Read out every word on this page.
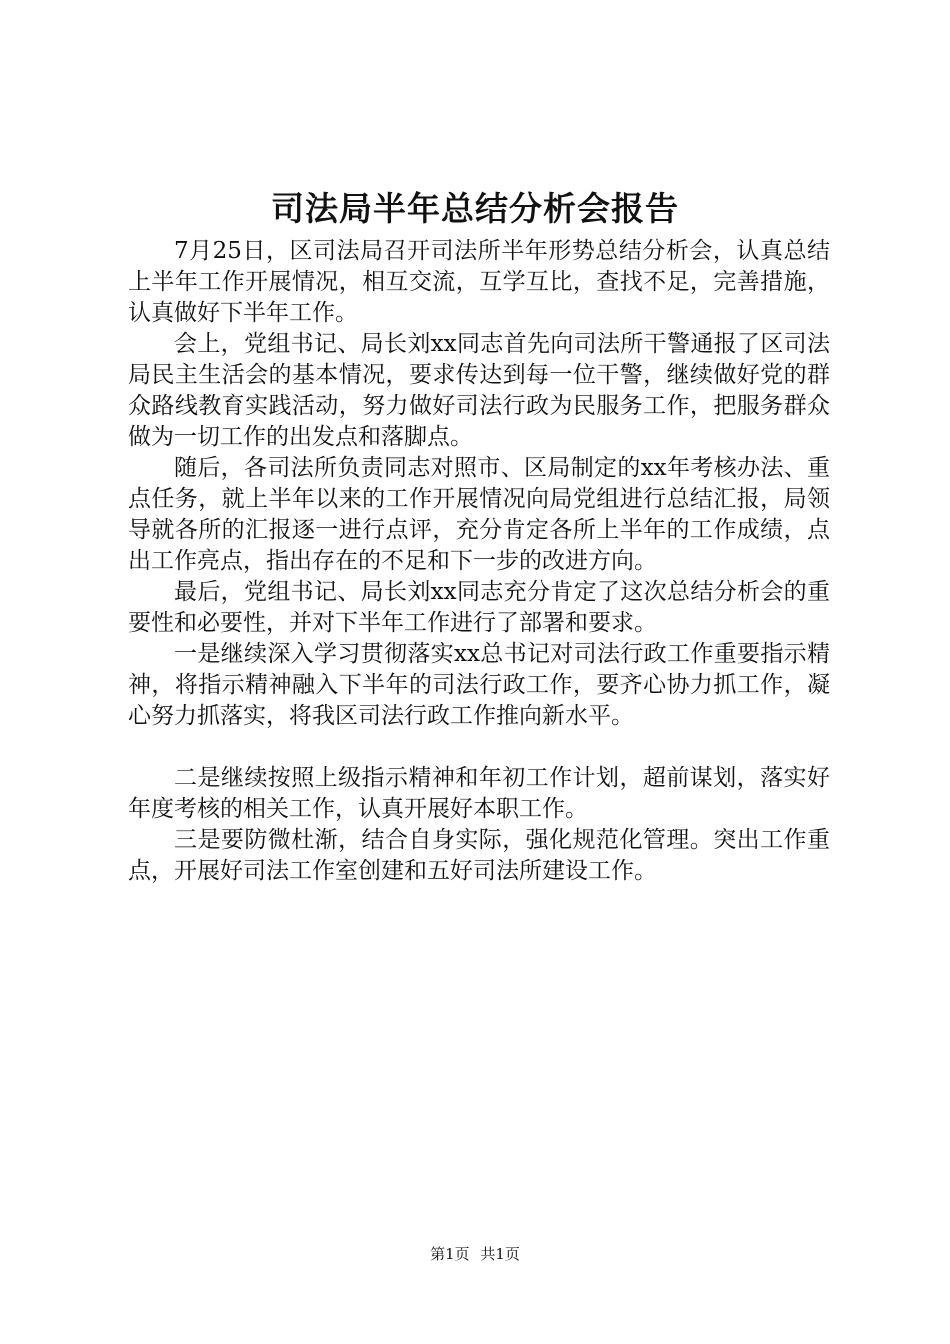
司法局半年总结分析会报告

7月25日，区司法局召开司法所半年形势总结分析会，认真总结上半年工作开展情况，相互交流，互学互比，查找不足，完善措施，认真做好下半年工作。

会上，党组书记、局长刘xx同志首先向司法所干警通报了区司法局民主生活会的基本情况，要求传达到每一位干警，继续做好党的群众路线教育实践活动，努力做好司法行政为民服务工作，把服务群众做为一切工作的出发点和落脚点。

随后，各司法所负责同志对照市、区局制定的xx年考核办法、重点任务，就上半年以来的工作开展情况向局党组进行总结汇报，局领导就各所的汇报逐一进行点评，充分肯定各所上半年的工作成绩，点出工作亮点，指出存在的不足和下一步的改进方向。

最后，党组书记、局长刘xx同志充分肯定了这次总结分析会的重要性和必要性，并对下半年工作进行了部署和要求。

一是继续深入学习贯彻落实xx总书记对司法行政工作重要指示精神，将指示精神融入下半年的司法行政工作，要齐心协力抓工作，凝心努力抓落实，将我区司法行政工作推向新水平。

二是继续按照上级指示精神和年初工作计划，超前谋划，落实好年度考核的相关工作，认真开展好本职工作。

三是要防微杜渐，结合自身实际，强化规范化管理。突出工作重点，开展好司法工作室创建和五好司法所建设工作。

第1页 共1页
